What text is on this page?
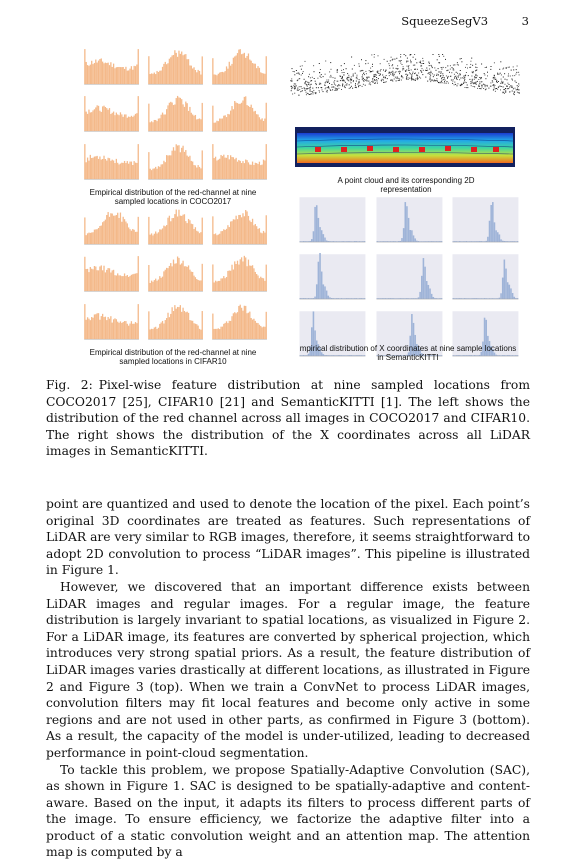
SqueezeSegV3	3
Empirical distribution of the red-channel at nine sampled locations in COCO2017
Empirical distribution of the red-channel at nine sampled locations in CIFAR10
A point cloud and its corresponding 2D representation
mpirical distribution of X coordinates at nine sample locations in SemanticKITTI
Fig. 2: Pixel-wise feature distribution at nine sampled locations from COCO2017 [25], CIFAR10 [21] and SemanticKITTI [1]. The left shows the distribution of the red channel across all images in COCO2017 and CIFAR10. The right shows the distribution of the X coordinates across all LiDAR images in SemanticKITTI.

point are quantized and used to denote the location of the pixel. Each point’s original 3D coordinates are treated as features. Such representations of LiDAR are very similar to RGB images, therefore, it seems straightforward to adopt 2D convolution to process “LiDAR images”. This pipeline is illustrated in Figure 1.

However, we discovered that an important difference exists between LiDAR images and regular images. For a regular image, the feature distribution is largely invariant to spatial locations, as visualized in Figure 2. For a LiDAR image, its features are converted by spherical projection, which introduces very strong spatial priors. As a result, the feature distribution of LiDAR images varies drastically at different locations, as illustrated in Figure 2 and Figure 3 (top). When we train a ConvNet to process LiDAR images, convolution filters may fit local features and become only active in some regions and are not used in other parts, as confirmed in Figure 3 (bottom). As a result, the capacity of the model is under-utilized, leading to decreased performance in point-cloud segmentation.

To tackle this problem, we propose Spatially-Adaptive Convolution (SAC), as shown in Figure 1. SAC is designed to be spatially-adaptive and content-aware. Based on the input, it adapts its filters to process different parts of the image. To ensure efficiency, we factorize the adaptive filter into a product of a static convolution weight and an attention map. The attention map is computed by a
